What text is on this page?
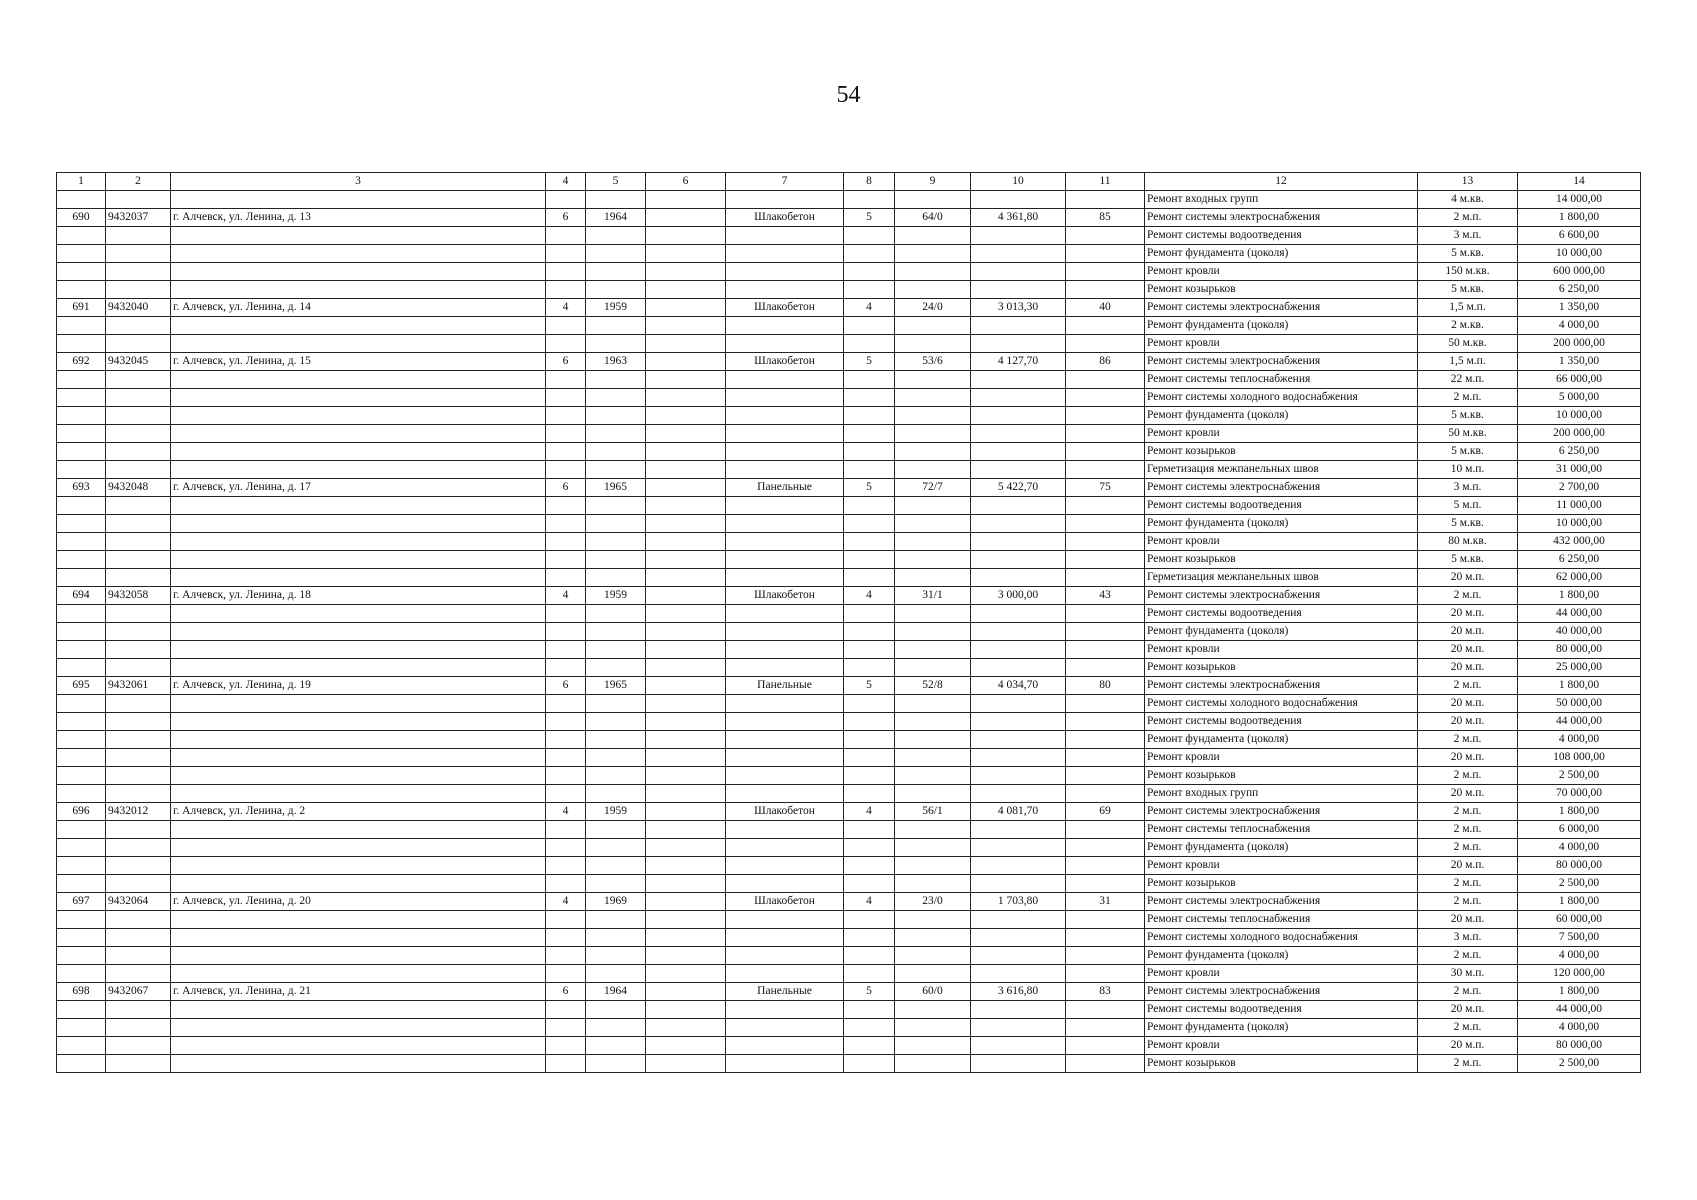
54
1	2	3	4	5	6	7	8	9	10	11	12	13	14
											Ремонт входных групп	4 м.кв.	14 000,00
690	9432037	г. Алчевск, ул. Ленина, д. 13	6	1964		Шлакобетон	5	64/0	4 361,80	85	Ремонт системы электроснабжения	2 м.п.	1 800,00
											Ремонт системы водоотведения	3 м.п.	6 600,00
											Ремонт фундамента (цоколя)	5 м.кв.	10 000,00
											Ремонт кровли	150 м.кв.	600 000,00
											Ремонт козырьков	5 м.кв.	6 250,00
691	9432040	г. Алчевск, ул. Ленина, д. 14	4	1959		Шлакобетон	4	24/0	3 013,30	40	Ремонт системы электроснабжения	1,5 м.п.	1 350,00
											Ремонт фундамента (цоколя)	2 м.кв.	4 000,00
											Ремонт кровли	50 м.кв.	200 000,00
692	9432045	г. Алчевск, ул. Ленина, д. 15	6	1963		Шлакобетон	5	53/6	4 127,70	86	Ремонт системы электроснабжения	1,5 м.п.	1 350,00
											Ремонт системы теплоснабжения	22 м.п.	66 000,00
											Ремонт системы холодного водоснабжения	2 м.п.	5 000,00
											Ремонт фундамента (цоколя)	5 м.кв.	10 000,00
											Ремонт кровли	50 м.кв.	200 000,00
											Ремонт козырьков	5 м.кв.	6 250,00
											Герметизация межпанельных швов	10 м.п.	31 000,00
693	9432048	г. Алчевск, ул. Ленина, д. 17	6	1965		Панельные	5	72/7	5 422,70	75	Ремонт системы электроснабжения	3 м.п.	2 700,00
											Ремонт системы водоотведения	5 м.п.	11 000,00
											Ремонт фундамента (цоколя)	5 м.кв.	10 000,00
											Ремонт кровли	80 м.кв.	432 000,00
											Ремонт козырьков	5 м.кв.	6 250,00
											Герметизация межпанельных швов	20 м.п.	62 000,00
694	9432058	г. Алчевск, ул. Ленина, д. 18	4	1959		Шлакобетон	4	31/1	3 000,00	43	Ремонт системы электроснабжения	2 м.п.	1 800,00
											Ремонт системы водоотведения	20 м.п.	44 000,00
											Ремонт фундамента (цоколя)	20 м.п.	40 000,00
											Ремонт кровли	20 м.п.	80 000,00
											Ремонт козырьков	20 м.п.	25 000,00
695	9432061	г. Алчевск, ул. Ленина, д. 19	6	1965		Панельные	5	52/8	4 034,70	80	Ремонт системы электроснабжения	2 м.п.	1 800,00
											Ремонт системы холодного водоснабжения	20 м.п.	50 000,00
											Ремонт системы водоотведения	20 м.п.	44 000,00
											Ремонт фундамента (цоколя)	2 м.п.	4 000,00
											Ремонт кровли	20 м.п.	108 000,00
											Ремонт козырьков	2 м.п.	2 500,00
											Ремонт входных групп	20 м.п.	70 000,00
696	9432012	г. Алчевск, ул. Ленина, д. 2	4	1959		Шлакобетон	4	56/1	4 081,70	69	Ремонт системы электроснабжения	2 м.п.	1 800,00
											Ремонт системы теплоснабжения	2 м.п.	6 000,00
											Ремонт фундамента (цоколя)	2 м.п.	4 000,00
											Ремонт кровли	20 м.п.	80 000,00
											Ремонт козырьков	2 м.п.	2 500,00
697	9432064	г. Алчевск, ул. Ленина, д. 20	4	1969		Шлакобетон	4	23/0	1 703,80	31	Ремонт системы электроснабжения	2 м.п.	1 800,00
											Ремонт системы теплоснабжения	20 м.п.	60 000,00
											Ремонт системы холодного водоснабжения	3 м.п.	7 500,00
											Ремонт фундамента (цоколя)	2 м.п.	4 000,00
											Ремонт кровли	30 м.п.	120 000,00
698	9432067	г. Алчевск, ул. Ленина, д. 21	6	1964		Панельные	5	60/0	3 616,80	83	Ремонт системы электроснабжения	2 м.п.	1 800,00
											Ремонт системы водоотведения	20 м.п.	44 000,00
											Ремонт фундамента (цоколя)	2 м.п.	4 000,00
											Ремонт кровли	20 м.п.	80 000,00
											Ремонт козырьков	2 м.п.	2 500,00
